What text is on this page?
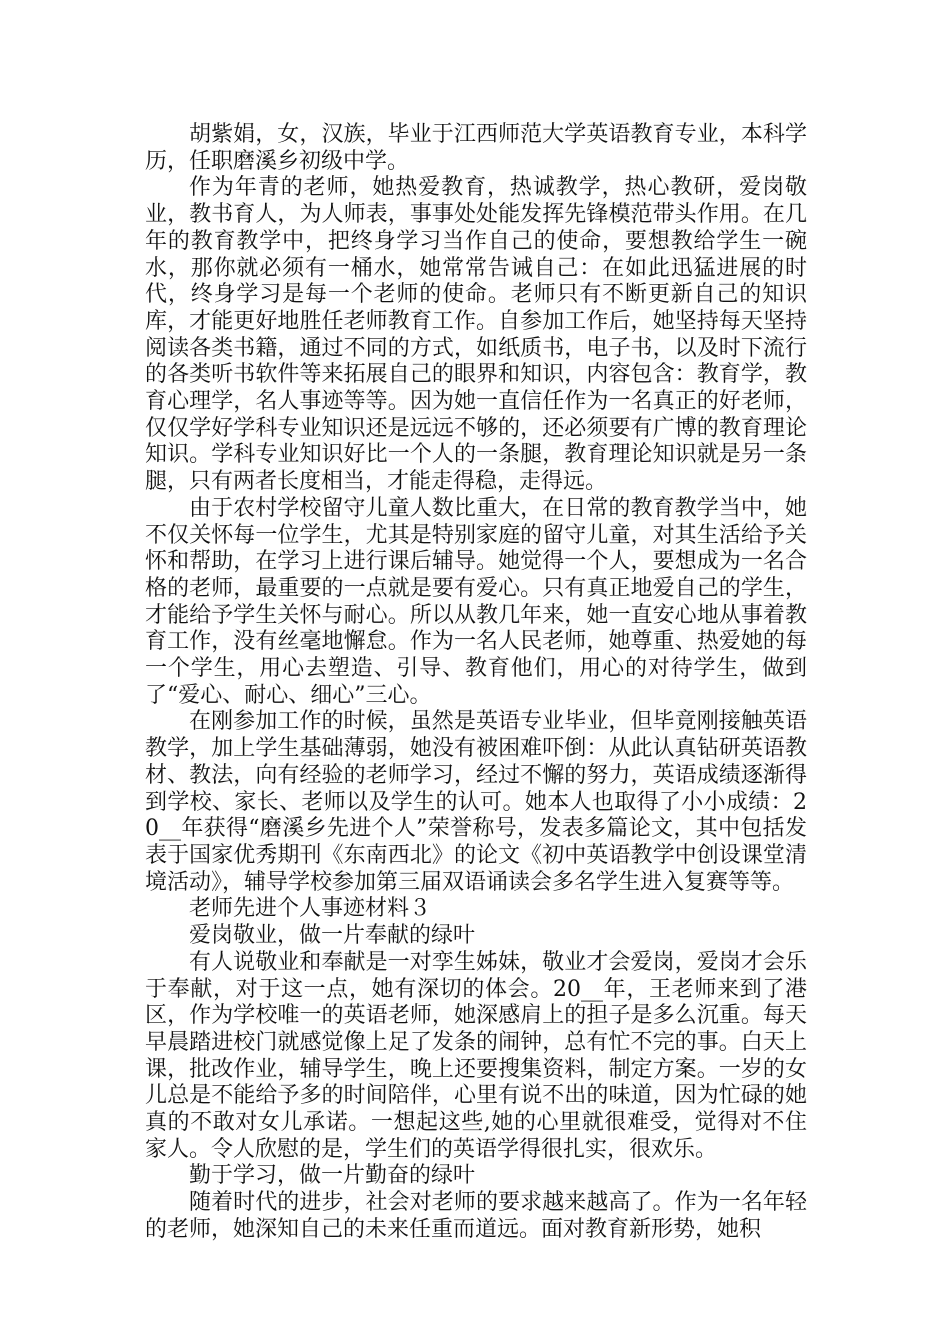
胡紫娟，女，汉族，毕业于江西师范大学英语教育专业，本科学历，任职磨溪乡初级中学。

作为年青的老师，她热爱教育，热诚教学，热心教研，爱岗敬业，教书育人，为人师表，事事处处能发挥先锋模范带头作用。在几年的教育教学中，把终身学习当作自己的使命，要想教给学生一碗水，那你就必须有一桶水，她常常告诫自己：在如此迅猛进展的时代，终身学习是每一个老师的使命。老师只有不断更新自己的知识库，才能更好地胜任老师教育工作。自参加工作后，她坚持每天坚持阅读各类书籍，通过不同的方式，如纸质书，电子书，以及时下流行的各类听书软件等来拓展自己的眼界和知识，内容包含：教育学，教育心理学，名人事迹等等。因为她一直信任作为一名真正的好老师，仅仅学好学科专业知识还是远远不够的，还必须要有广博的教育理论知识。学科专业知识好比一个人的一条腿，教育理论知识就是另一条腿，只有两者长度相当，才能走得稳，走得远。

由于农村学校留守儿童人数比重大，在日常的教育教学当中，她不仅关怀每一位学生，尤其是特别家庭的留守儿童，对其生活给予关怀和帮助，在学习上进行课后辅导。她觉得一个人，要想成为一名合格的老师，最重要的一点就是要有爱心。只有真正地爱自己的学生，才能给予学生关怀与耐心。所以从教几年来，她一直安心地从事着教育工作，没有丝毫地懈怠。作为一名人民老师，她尊重、热爱她的每一个学生，用心去塑造、引导、教育他们，用心的对待学生，做到了“爱心、耐心、细心”三心。

在刚参加工作的时候，虽然是英语专业毕业，但毕竟刚接触英语教学，加上学生基础薄弱，她没有被困难吓倒：从此认真钻研英语教材、教法，向有经验的老师学习，经过不懈的努力，英语成绩逐渐得到学校、家长、老师以及学生的认可。她本人也取得了小小成绩：20__年获得“磨溪乡先进个人”荣誉称号，发表多篇论文，其中包括发表于国家优秀期刊《东南西北》的论文《初中英语教学中创设课堂清境活动》，辅导学校参加第三届双语诵读会多名学生进入复赛等等。

老师先进个人事迹材料３

爱岗敬业，做一片奉献的绿叶

有人说敬业和奉献是一对孪生姊妹，敬业才会爱岗，爱岗才会乐于奉献，对于这一点，她有深切的体会。20__年，王老师来到了港区，作为学校唯一的英语老师，她深感肩上的担子是多么沉重。每天早晨踏进校门就感觉像上足了发条的闹钟，总有忙不完的事。白天上课，批改作业，辅导学生，晚上还要搜集资料，制定方案。一岁的女儿总是不能给予多的时间陪伴，心里有说不出的味道，因为忙碌的她真的不敢对女儿承诺。一想起这些,她的心里就很难受，觉得对不住家人。令人欣慰的是，学生们的英语学得很扎实，很欢乐。

勤于学习，做一片勤奋的绿叶

随着时代的进步，社会对老师的要求越来越高了。作为一名年轻的老师，她深知自己的未来任重而道远。面对教育新形势，她积
